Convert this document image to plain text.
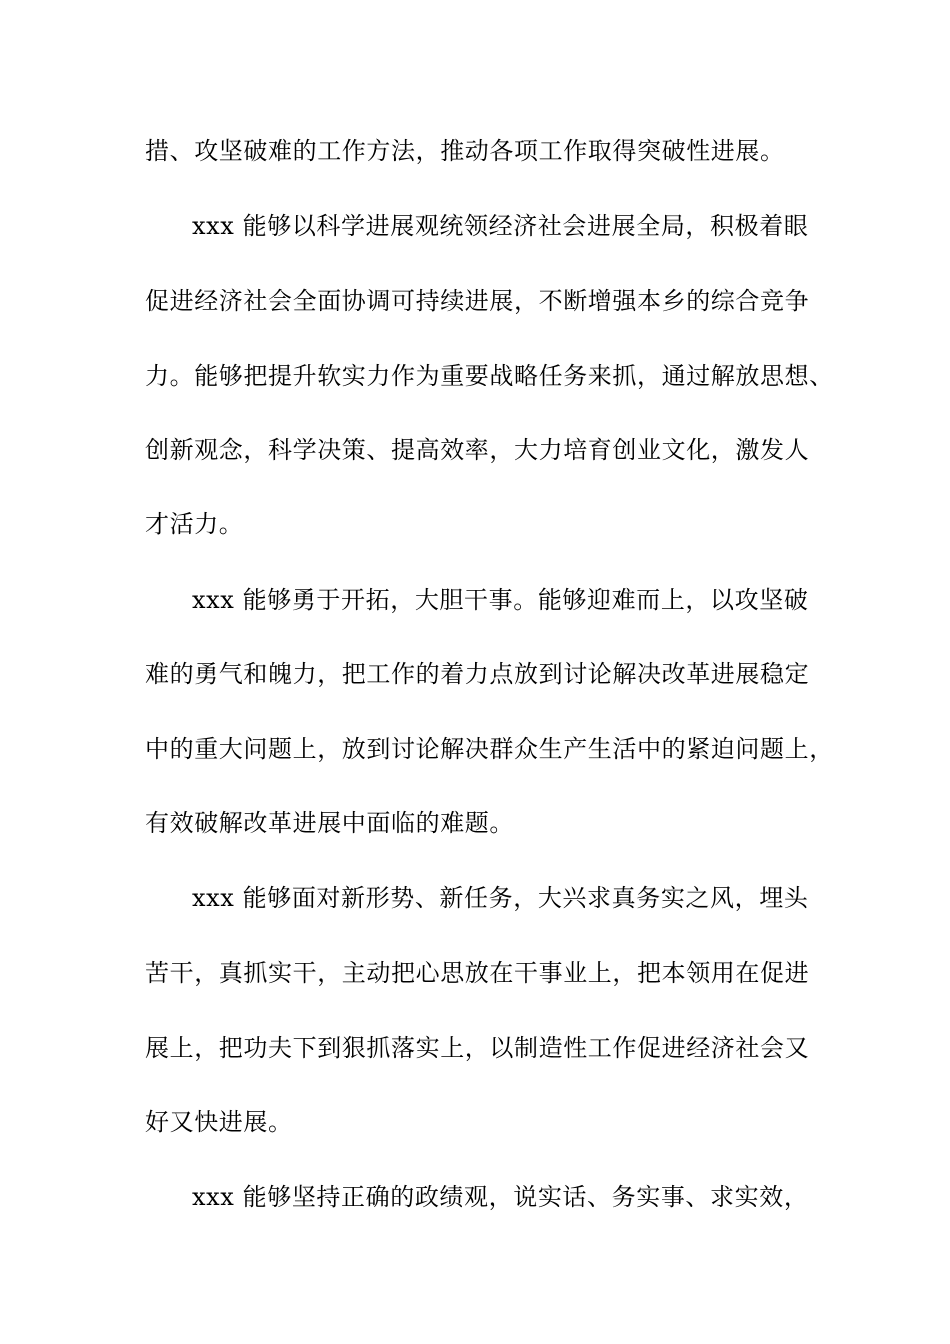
措、攻坚破难的工作方法，推动各项工作取得突破性进展。
xxx 能够以科学进展观统领经济社会进展全局，积极着眼
促进经济社会全面协调可持续进展，不断增强本乡的综合竞争
力。能够把提升软实力作为重要战略任务来抓，通过解放思想、
创新观念，科学决策、提高效率，大力培育创业文化，激发人
才活力。
xxx 能够勇于开拓，大胆干事。能够迎难而上，以攻坚破
难的勇气和魄力，把工作的着力点放到讨论解决改革进展稳定
中的重大问题上，放到讨论解决群众生产生活中的紧迫问题上，
有效破解改革进展中面临的难题。
xxx 能够面对新形势、新任务，大兴求真务实之风，埋头
苦干，真抓实干，主动把心思放在干事业上，把本领用在促进
展上，把功夫下到狠抓落实上，以制造性工作促进经济社会又
好又快进展。
xxx 能够坚持正确的政绩观，说实话、务实事、求实效，
